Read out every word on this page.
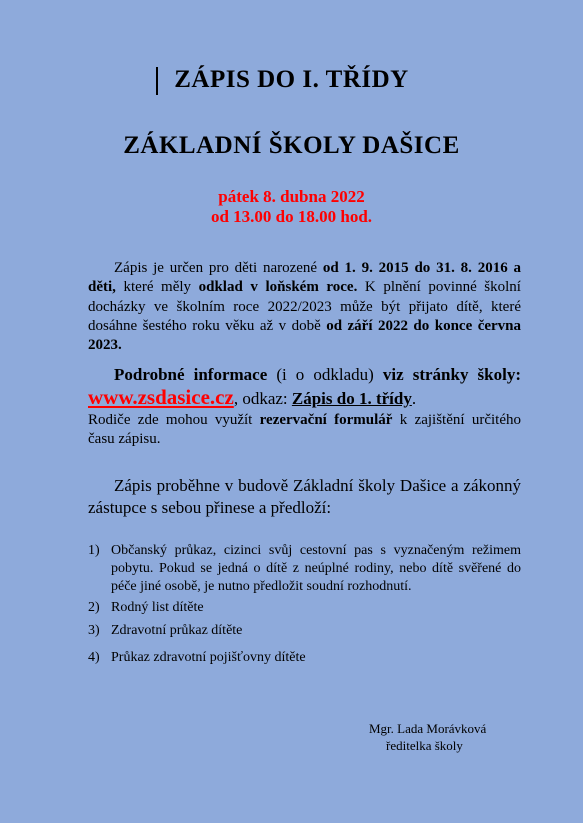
ZÁPIS DO I. TŘÍDY
ZÁKLADNÍ ŠKOLY DAŠICE

pátek 8. dubna 2022

od 13.00 do 18.00 hod.

Zápis je určen pro děti narozené od 1. 9. 2015 do 31. 8. 2016 a děti, které měly odklad v loňském roce. K plnění povinné školní docházky ve školním roce 2022/2023 může být přijato dítě, které dosáhne šestého roku věku až v době od září 2022 do konce června 2023.

Podrobné informace (i o odkladu) viz stránky školy: www.zsdasice.cz, odkaz: Zápis do 1. třídy.

Rodiče zde mohou využít rezervační formulář k zajištění určitého času zápisu.

Zápis proběhne v budově Základní školy Dašice a zákonný zástupce s sebou přinese a předloží:

1) Občanský průkaz, cizinci svůj cestovní pas s vyznačeným režimem pobytu. Pokud se jedná o dítě z neúplné rodiny, nebo dítě svěřené do péče jiné osobě, je nutno předložit soudní rozhodnutí.
2) Rodný list dítěte
3) Zdravotní průkaz dítěte
4) Průkaz zdravotní pojišťovny dítěte

Mgr. Lada Morávková

ředitelka školy
